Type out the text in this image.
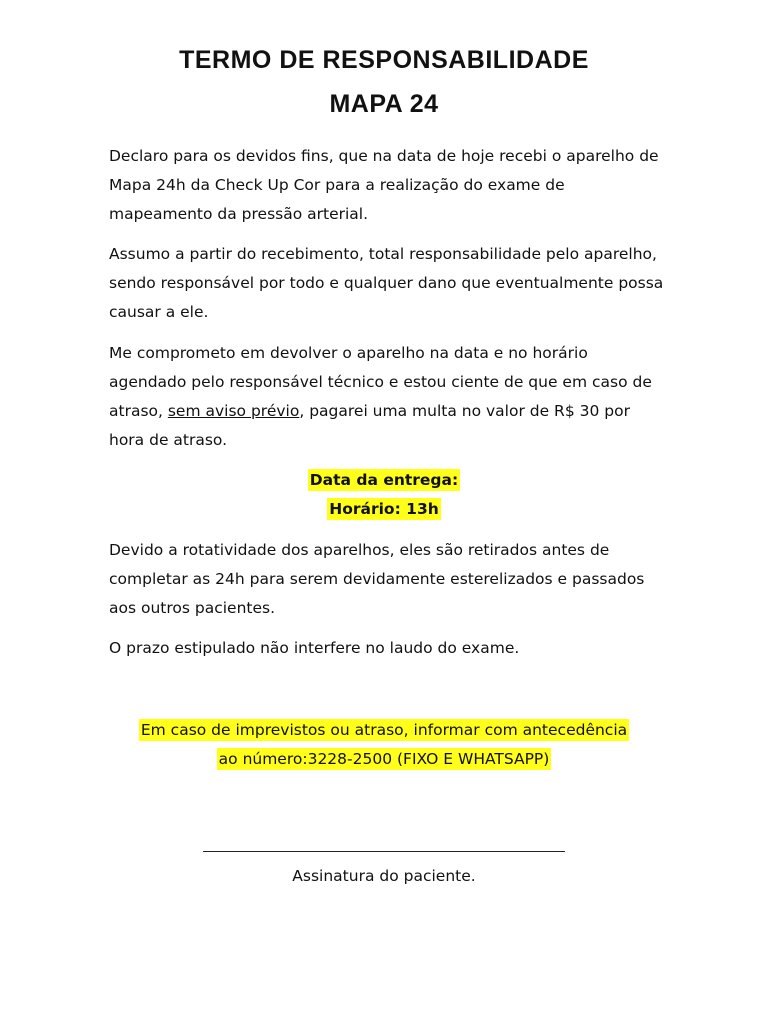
TERMO DE RESPONSABILIDADE
MAPA 24

Declaro para os devidos fins, que na data de hoje recebi o aparelho de Mapa 24h da Check Up Cor para a realização do exame de mapeamento da pressão arterial.

Assumo a partir do recebimento, total responsabilidade pelo aparelho, sendo responsável por todo e qualquer dano que eventualmente possa causar a ele.

Me comprometo em devolver o aparelho na data e no horário agendado pelo responsável técnico e estou ciente de que em caso de atraso, sem aviso prévio, pagarei uma multa no valor de R$ 30 por hora de atraso.

Data da entrega:

Horário: 13h

Devido a rotatividade dos aparelhos, eles são retirados antes de completar as 24h para serem devidamente esterelizados e passados aos outros pacientes.

O prazo estipulado não interfere no laudo do exame.

Em caso de imprevistos ou atraso, informar com antecedência

ao número:3228-2500 (FIXO E WHATSAPP)

Assinatura do paciente.
